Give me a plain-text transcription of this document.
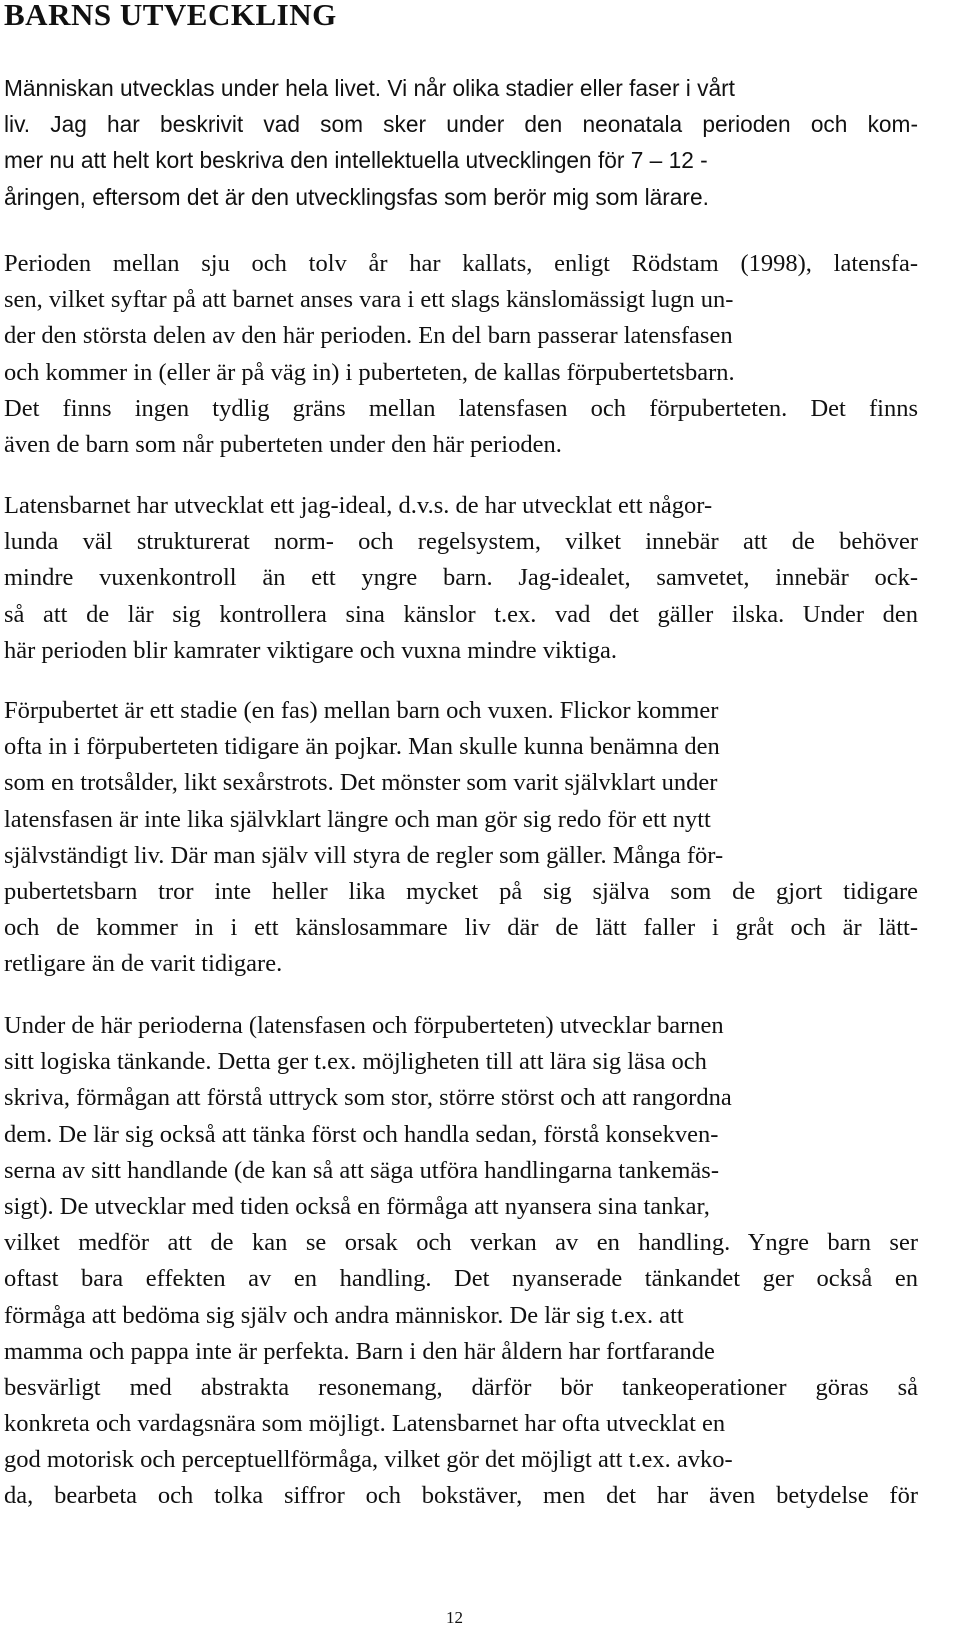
BARNS UTVECKLING
Människan utvecklas under hela livet. Vi når olika stadier eller faser i vårt
liv. Jag har beskrivit vad som sker under den neonatala perioden och kom-
mer nu att helt kort beskriva den intellektuella utvecklingen för 7 – 12 -
åringen, eftersom det är den utvecklingsfas som berör mig som lärare.
Perioden mellan sju och tolv år har kallats, enligt Rödstam (1998), latensfa-
sen, vilket syftar på att barnet anses vara i ett slags känslomässigt lugn un-
der den största delen av den här perioden. En del barn passerar latensfasen
och kommer in (eller är på väg in) i puberteten, de kallas förpubertetsbarn.
Det finns ingen tydlig gräns mellan latensfasen och förpuberteten. Det finns
även de barn som når puberteten under den här perioden.
Latensbarnet har utvecklat ett jag-ideal, d.v.s. de har utvecklat ett någor-
lunda väl strukturerat norm- och regelsystem, vilket innebär att de behöver
mindre vuxenkontroll än ett yngre barn. Jag-idealet, samvetet, innebär ock-
så att de lär sig kontrollera sina känslor t.ex. vad det gäller ilska. Under den
här perioden blir kamrater viktigare och vuxna mindre viktiga.
Förpubertet är ett stadie (en fas) mellan barn och vuxen. Flickor kommer
ofta in i förpuberteten tidigare än pojkar. Man skulle kunna benämna den
som en trotsålder, likt sexårstrots. Det mönster som varit självklart under
latensfasen är inte lika självklart längre och man gör sig redo för ett nytt
självständigt liv. Där man själv vill styra de regler som gäller. Många för-
pubertetsbarn tror inte heller lika mycket på sig själva som de gjort tidigare
och de kommer in i ett känslosammare liv där de lätt faller i gråt och är lätt-
retligare än de varit tidigare.
Under de här perioderna (latensfasen och förpuberteten) utvecklar barnen
sitt logiska tänkande. Detta ger t.ex. möjligheten till att lära sig läsa och
skriva, förmågan att förstå uttryck som stor, större störst och att rangordna
dem. De lär sig också att tänka först och handla sedan, förstå konsekven-
serna av sitt handlande (de kan så att säga utföra handlingarna tankemäs-
sigt). De utvecklar med tiden också en förmåga att nyansera sina tankar,
vilket medför att de kan se orsak och verkan av en handling. Yngre barn ser
oftast bara effekten av en handling. Det nyanserade tänkandet ger också en
förmåga att bedöma sig själv och andra människor. De lär sig t.ex. att
mamma och pappa inte är perfekta. Barn i den här åldern har fortfarande
besvärligt med abstrakta resonemang, därför bör tankeoperationer göras så
konkreta och vardagsnära som möjligt. Latensbarnet har ofta utvecklat en
god motorisk och perceptuellförmåga, vilket gör det möjligt att t.ex. avko-
da, bearbeta och tolka siffror och bokstäver, men det har även betydelse för
12
